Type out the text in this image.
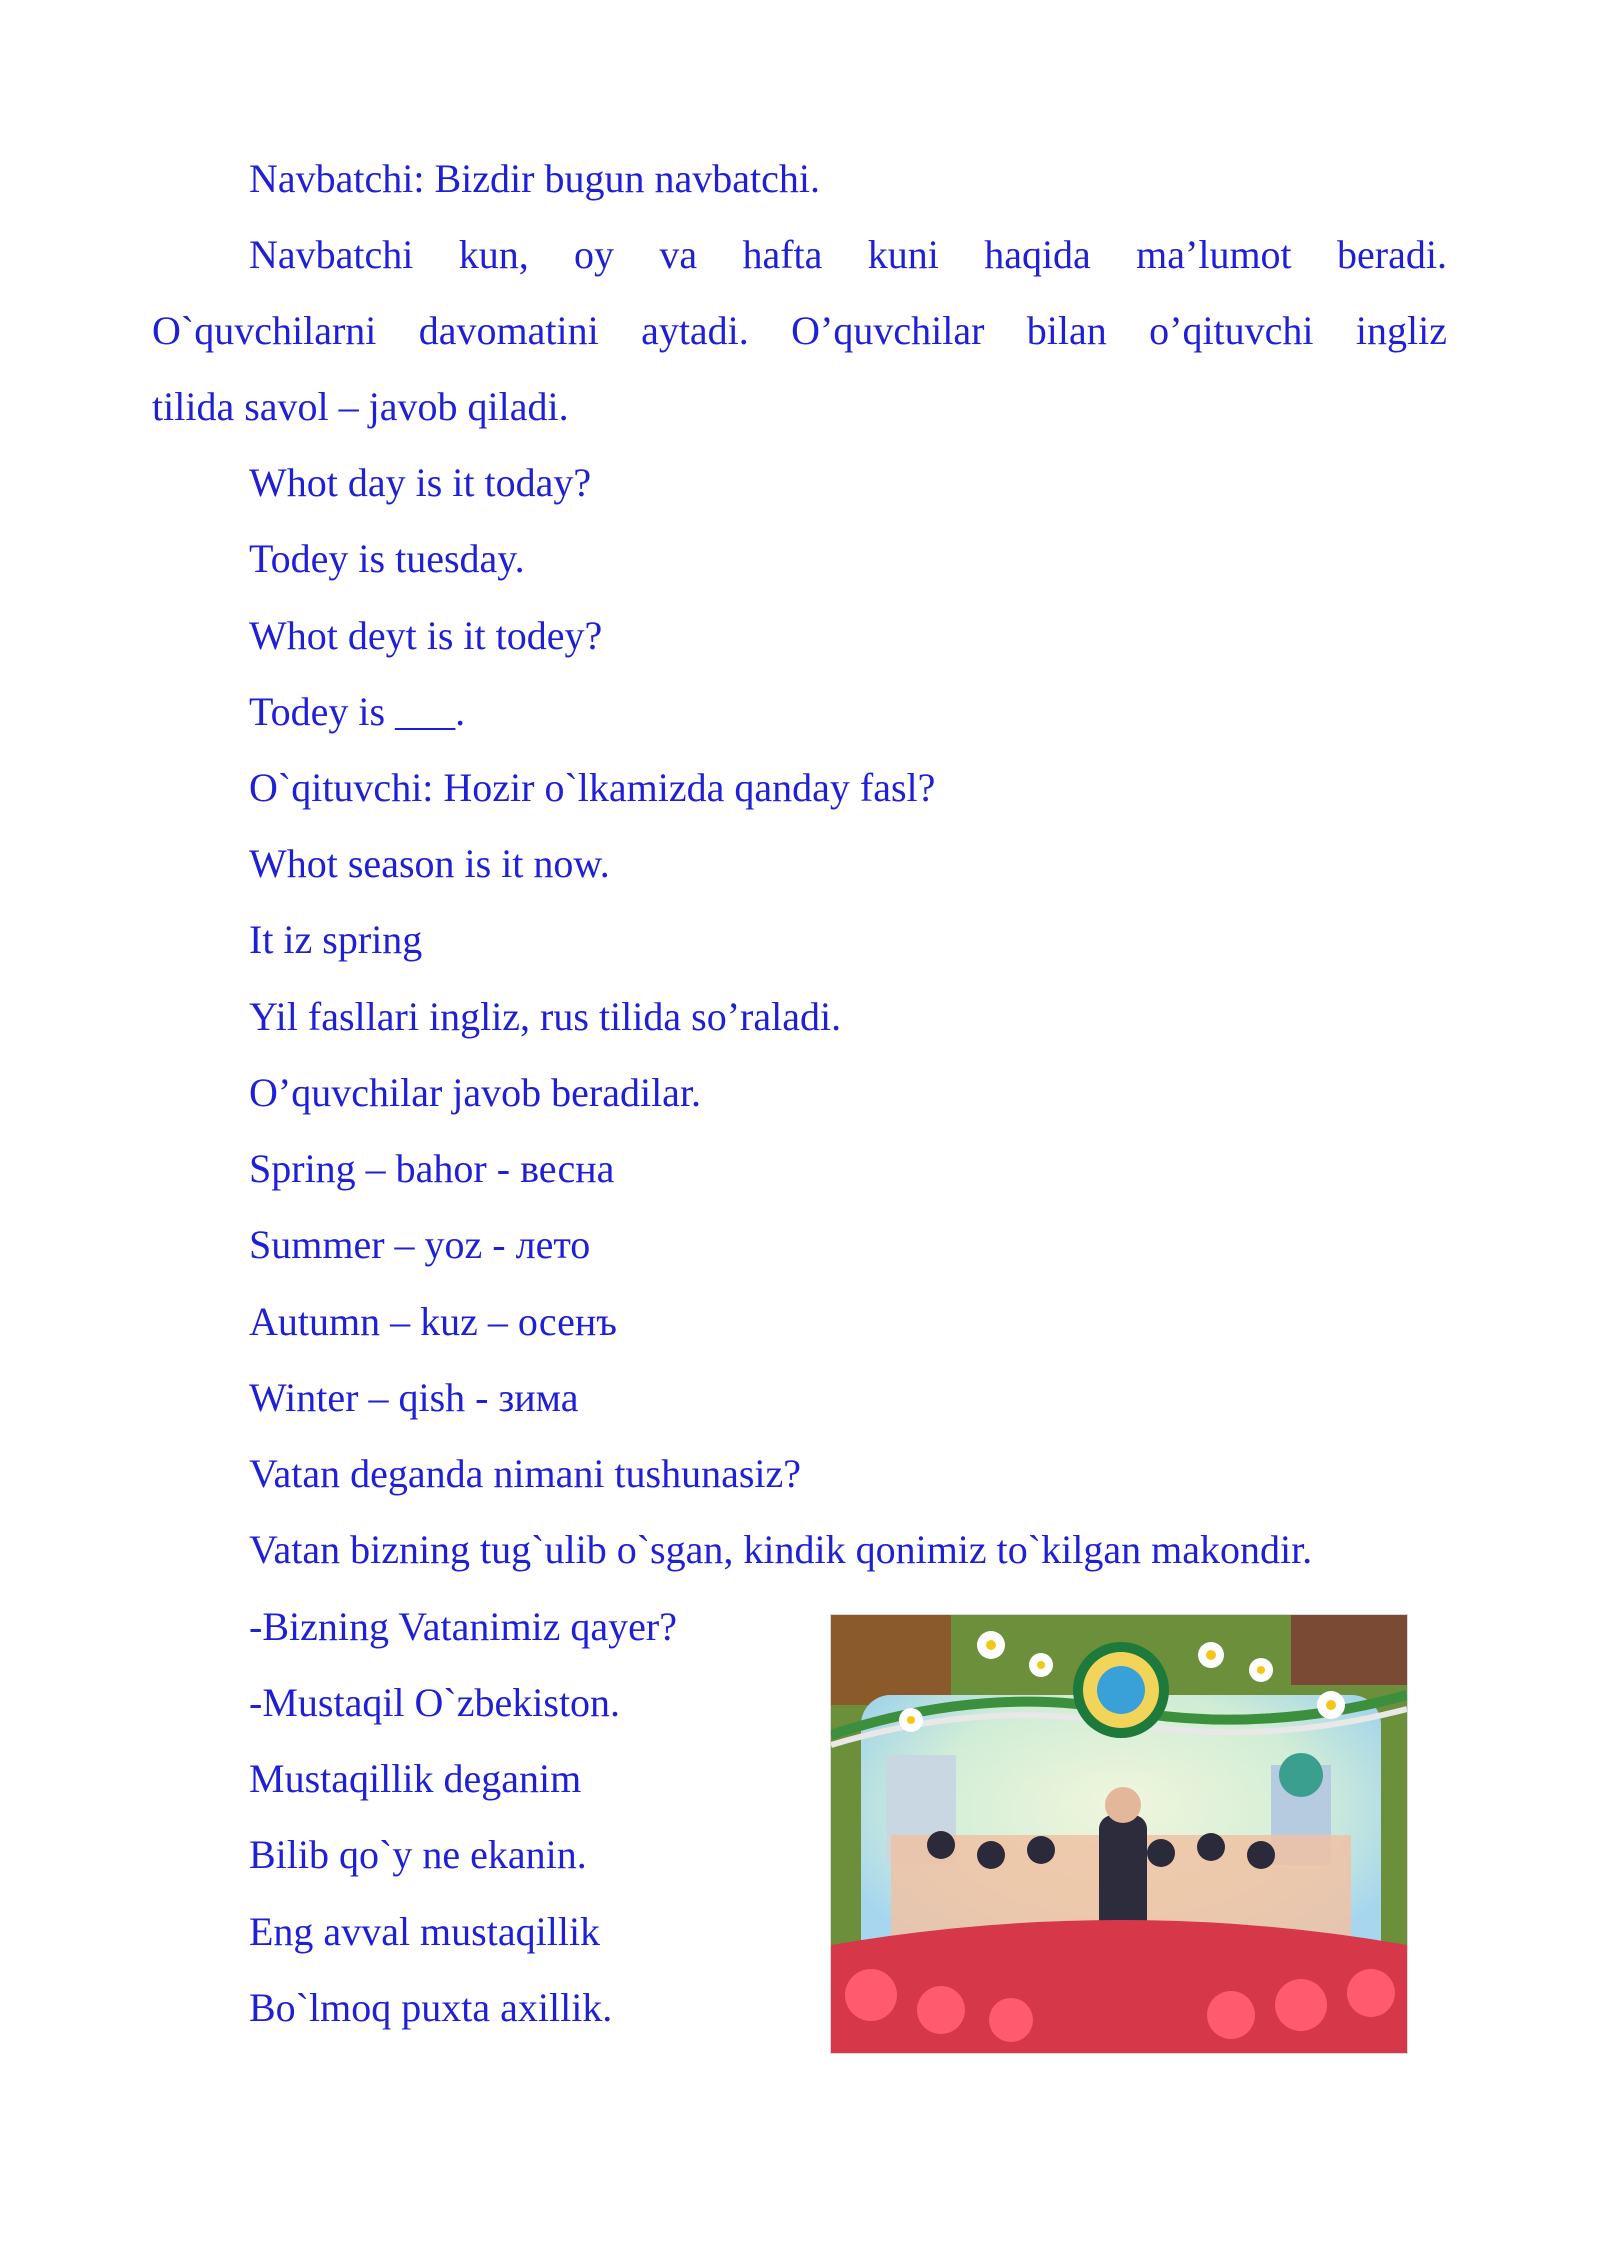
Navbatchi: Bizdir bugun navbatchi.
Navbatchi kun, oy va hafta kuni haqida ma’lumot beradi.
O`quvchilarni davomatini aytadi. O’quvchilar bilan o’qituvchi ingliz
tilida savol – javob qiladi.
Whot day is it today?
Todey is tuesday.
Whot deyt is it todey?
Todey is ___.
O`qituvchi: Hozir o`lkamizda qanday fasl?
Whot season is it now.
It iz spring
Yil fasllari ingliz, rus tilida so’raladi.
O’quvchilar javob beradilar.
Spring – bahor - весна
Summer – yoz - лето
Autumn – kuz – осенъ
Winter – qish - зима
Vatan deganda nimani tushunasiz?
Vatan bizning tug`ulib o`sgan, kindik qonimiz to`kilgan makondir.
-Bizning Vatanimiz qayer?
-Mustaqil O`zbekiston.
Mustaqillik deganim
Bilib qo`y ne ekanin.
Eng avval mustaqillik
Bo`lmoq puxta axillik.
